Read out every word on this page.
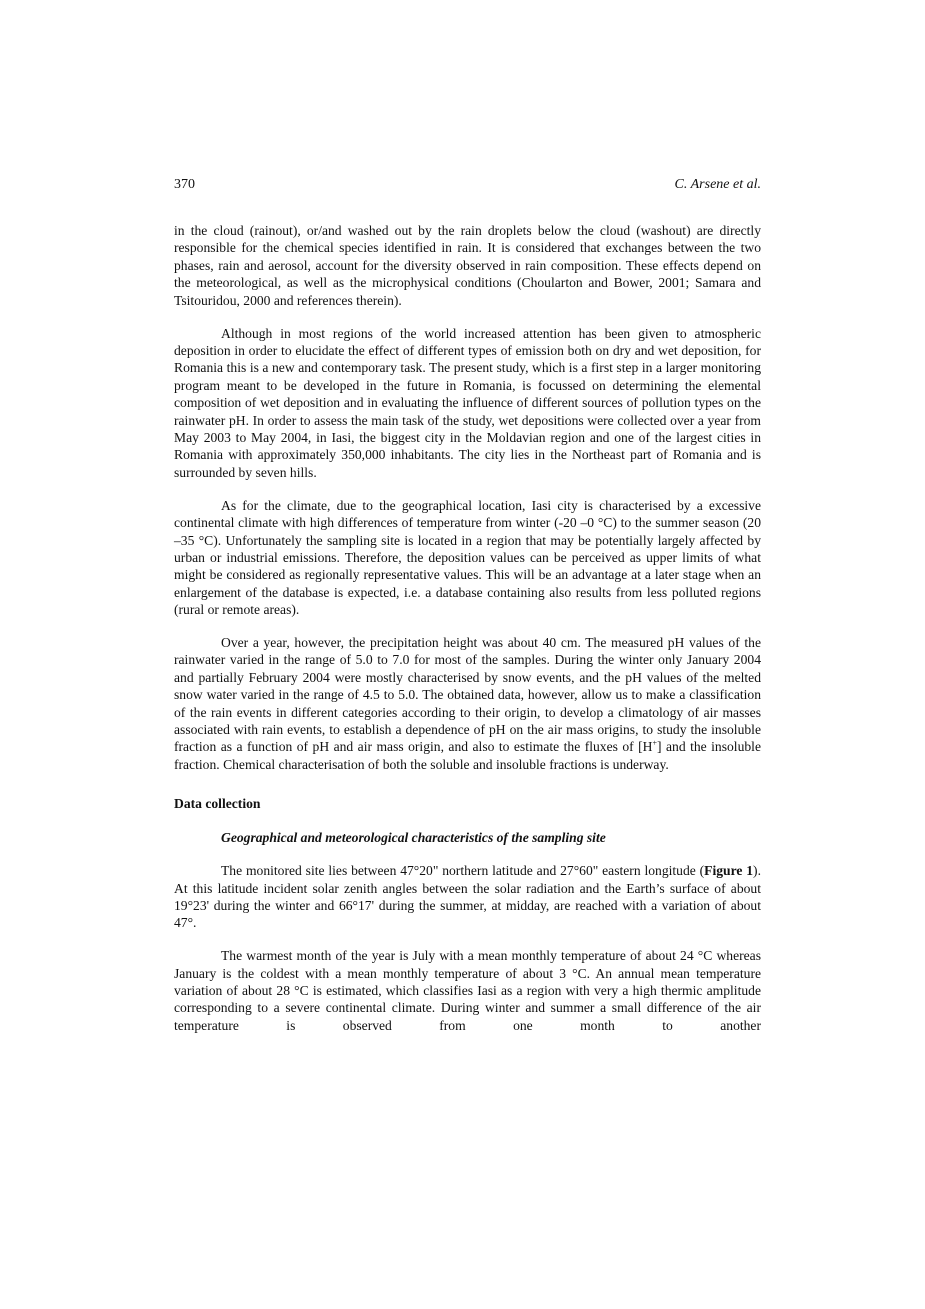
370	C. Arsene et al.

in the cloud (rainout), or/and washed out by the rain droplets below the cloud (washout) are directly responsible for the chemical species identified in rain. It is considered that exchanges between the two phases, rain and aerosol, account for the diversity observed in rain composition. These effects depend on the meteorological, as well as the microphysical conditions (Choularton and Bower, 2001; Samara and Tsitouridou, 2000 and references therein).

Although in most regions of the world increased attention has been given to atmospheric deposition in order to elucidate the effect of different types of emission both on dry and wet deposition, for Romania this is a new and contemporary task. The present study, which is a first step in a larger monitoring program meant to be developed in the future in Romania, is focussed on determining the elemental composition of wet deposition and in evaluating the influence of different sources of pollution types on the rainwater pH. In order to assess the main task of the study, wet depositions were collected over a year from May 2003 to May 2004, in Iasi, the biggest city in the Moldavian region and one of the largest cities in Romania with approximately 350,000 inhabitants. The city lies in the Northeast part of Romania and is surrounded by seven hills.

As for the climate, due to the geographical location, Iasi city is characterised by a excessive continental climate with high differences of temperature from winter (-20 –0 °C) to the summer season (20 –35 °C). Unfortunately the sampling site is located in a region that may be potentially largely affected by urban or industrial emissions. Therefore, the deposition values can be perceived as upper limits of what might be considered as regionally representative values. This will be an advantage at a later stage when an enlargement of the database is expected, i.e. a database containing also results from less polluted regions (rural or remote areas).

Over a year, however, the precipitation height was about 40 cm. The measured pH values of the rainwater varied in the range of 5.0 to 7.0 for most of the samples. During the winter only January 2004 and partially February 2004 were mostly characterised by snow events, and the pH values of the melted snow water varied in the range of 4.5 to 5.0. The obtained data, however, allow us to make a classification of the rain events in different categories according to their origin, to develop a climatology of air masses associated with rain events, to establish a dependence of pH on the air mass origins, to study the insoluble fraction as a function of pH and air mass origin, and also to estimate the fluxes of [H+] and the insoluble fraction. Chemical characterisation of both the soluble and insoluble fractions is underway.

Data collection
Geographical and meteorological characteristics of the sampling site

The monitored site lies between 47°20" northern latitude and 27°60" eastern longitude (Figure 1). At this latitude incident solar zenith angles between the solar radiation and the Earth’s surface of about 19°23' during the winter and 66°17' during the summer, at midday, are reached with a variation of about 47°.

The warmest month of the year is July with a mean monthly temperature of about 24 °C whereas January is the coldest with a mean monthly temperature of about 3 °C. An annual mean temperature variation of about 28 °C is estimated, which classifies Iasi as a region with very a high thermic amplitude corresponding to a severe continental climate. During winter and summer a small difference of the air temperature is observed from one month to another
